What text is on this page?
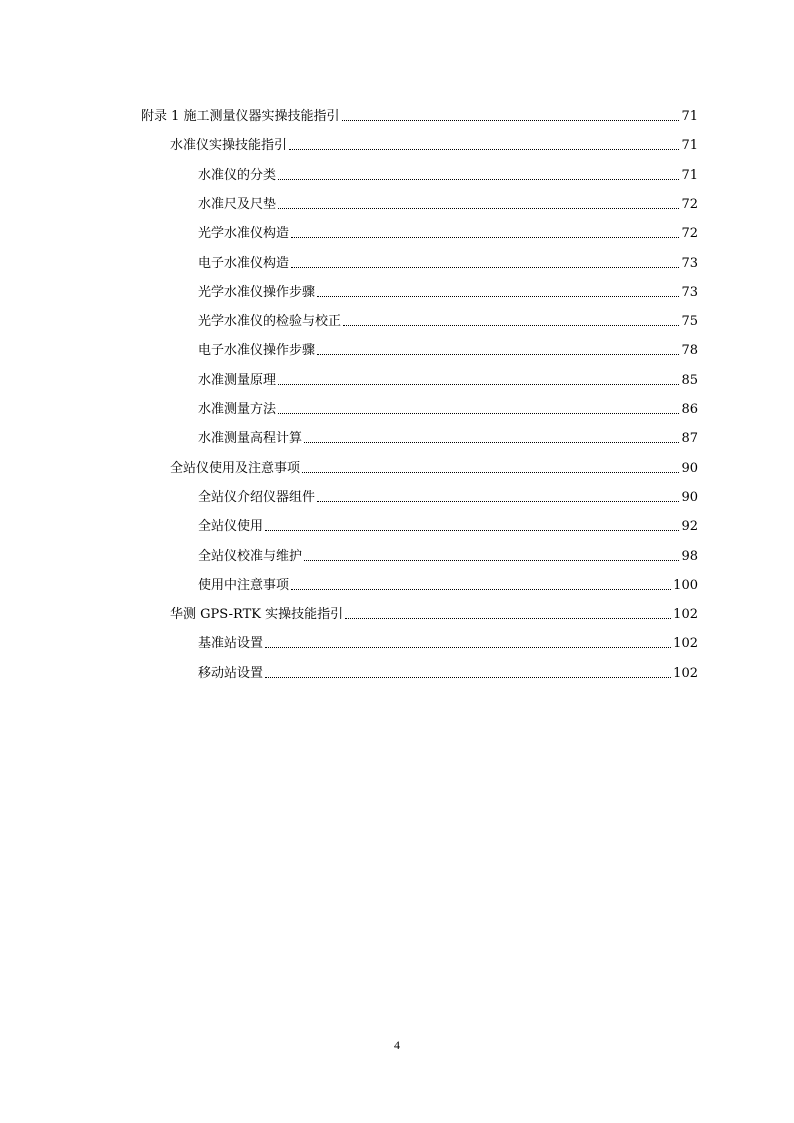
附录 1 施工测量仪器实操技能指引	71
水准仪实操技能指引	71
水准仪的分类	71
水准尺及尺垫	72
光学水准仪构造	72
电子水准仪构造	73
光学水准仪操作步骤	73
光学水准仪的检验与校正	75
电子水准仪操作步骤	78
水准测量原理	85
水准测量方法	86
水准测量高程计算	87
全站仪使用及注意事项	90
全站仪介绍仪器组件	90
全站仪使用	92
全站仪校准与维护	98
使用中注意事项	100
华测 GPS-RTK 实操技能指引	102
基准站设置	102
移动站设置	102
4
